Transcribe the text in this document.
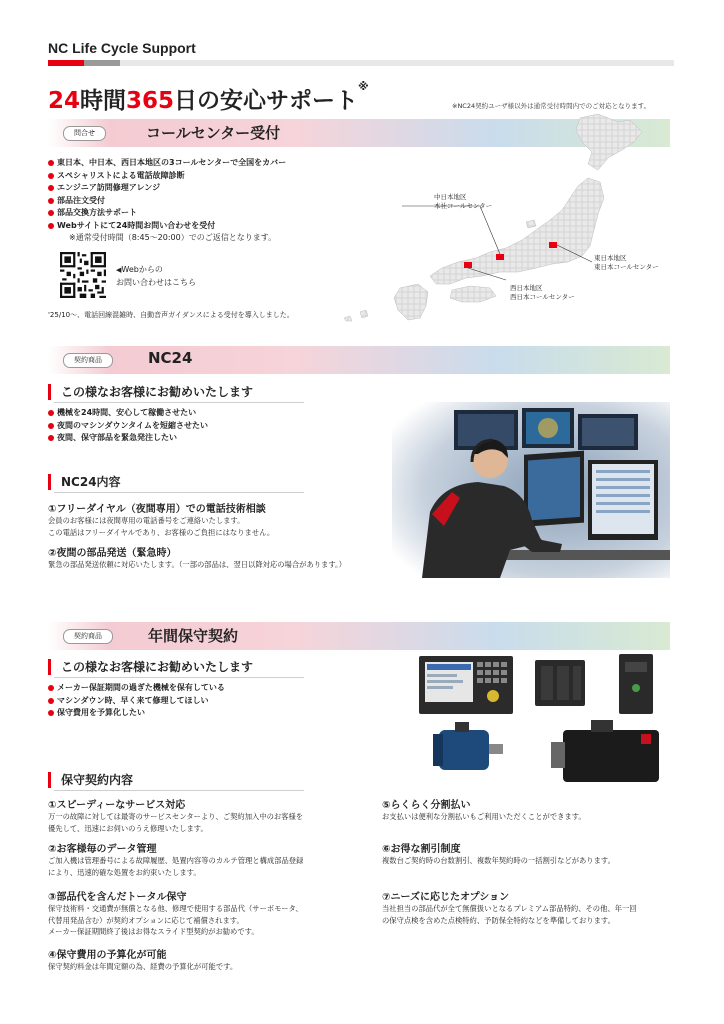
NC Life Cycle Support
24時間365日の安心サポート※
※NC24契約ユーザ様以外は通常受付時間内でのご対応となります。
問合せ	コールセンター受付
東日本、中日本、西日本地区の3コールセンターで全国をカバー
スペシャリストによる電話故障診断
エンジニア訪問修理アレンジ
部品注文受付
部品交換方法サポート
Webサイトにて24時間お問い合わせを受付
※通常受付時間（8:45～20:00）でのご返信となります。
◀Webからの
お問い合わせはこちら
'25/10～、電話回線混雑時、自動音声ガイダンスによる受付を導入しました。
中日本地区
本社コールセンター
東日本地区
東日本コールセンター
西日本地区
西日本コールセンター
契約商品	NC24
この様なお客様にお勧めいたします
機械を24時間、安心して稼働させたい
夜間のマシンダウンタイムを短縮させたい
夜間、保守部品を緊急発注したい
NC24内容
①フリーダイヤル（夜間専用）での電話技術相談
会員のお客様には夜間専用の電話番号をご連絡いたします。
この電話はフリーダイヤルであり、お客様のご負担にはなりません。
②夜間の部品発送（緊急時）
緊急の部品発送依頼に対応いたします。（一部の部品は、翌日以降対応の場合があります。）
契約商品	年間保守契約
この様なお客様にお勧めいたします
メーカー保証期間の過ぎた機械を保有している
マシンダウン時、早く来て修理してほしい
保守費用を予算化したい
保守契約内容
①スピーディーなサービス対応
万一の故障に対しては最寄のサービスセンターより、ご契約加入中のお客様を
優先して、迅速にお伺いのうえ修理いたします。
②お客様毎のデータ管理
ご加入機は管理番号による故障履歴、処置内容等のカルテ管理と構成部品登録
により、迅速的確な処置をお約束いたします。
③部品代を含んだトータル保守
保守技術料・交通費が無償となる他、修理で使用する部品代（サーボモータ、
代替用発品含む）が契約オプションに応じて補償されます。
メーカー保証期間終了後はお得なスライド型契約がお勧めです。
④保守費用の予算化が可能
保守契約料金は年間定額の為、経費の予算化が可能です。
⑤らくらく分割払い
お支払いは便利な分割払いもご利用いただくことができます。
⑥お得な割引制度
複数台ご契約時の台数割引、複数年契約時の一括割引などがあります。
⑦ニーズに応じたオプション
当社担当の部品代が全て無償扱いとなるプレミアム部品特約、その他、年一回
の保守点検を含めた点検特約、予防保全特約などを準備しております。
